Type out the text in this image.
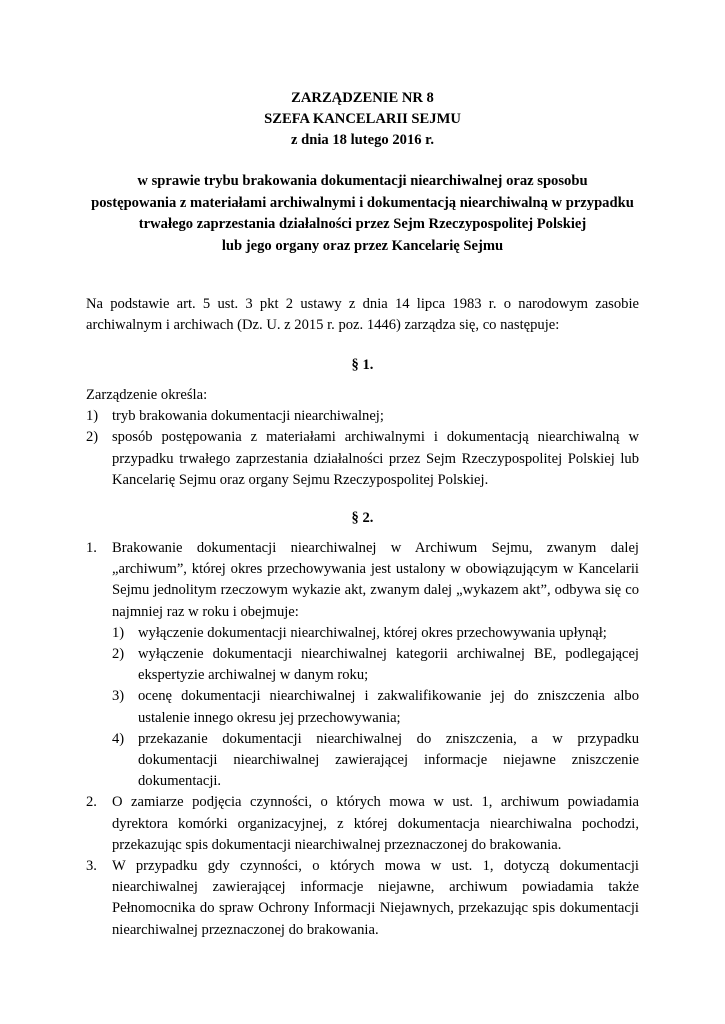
ZARZĄDZENIE NR 8
SZEFA KANCELARII SEJMU
z dnia 18 lutego 2016 r.
w sprawie trybu brakowania dokumentacji niearchiwalnej oraz sposobu
postępowania z materiałami archiwalnymi i dokumentacją niearchiwalną w przypadku
trwałego zaprzestania działalności przez Sejm Rzeczypospolitej Polskiej
lub jego organy oraz przez Kancelarię Sejmu
Na podstawie art. 5 ust. 3 pkt 2 ustawy z dnia 14 lipca 1983 r. o narodowym zasobie
archiwalnym i archiwach (Dz. U. z 2015 r. poz. 1446) zarządza się, co następuje:
§ 1.
Zarządzenie określa:
1) tryb brakowania dokumentacji niearchiwalnej;
2) sposób postępowania z materiałami archiwalnymi i dokumentacją niearchiwalną w
przypadku trwałego zaprzestania działalności przez Sejm Rzeczypospolitej Polskiej lub
Kancelarię Sejmu oraz organy Sejmu Rzeczypospolitej Polskiej.
§ 2.
1. Brakowanie dokumentacji niearchiwalnej w Archiwum Sejmu, zwanym dalej
„archiwum”, której okres przechowywania jest ustalony w obowiązującym w Kancelarii
Sejmu jednolitym rzeczowym wykazie akt, zwanym dalej „wykazem akt”, odbywa się co
najmniej raz w roku i obejmuje:
1) wyłączenie dokumentacji niearchiwalnej, której okres przechowywania upłynął;
2) wyłączenie dokumentacji niearchiwalnej kategorii archiwalnej BE, podlegającej
ekspertyzie archiwalnej w danym roku;
3) ocenę dokumentacji niearchiwalnej i zakwalifikowanie jej do zniszczenia albo
ustalenie innego okresu jej przechowywania;
4) przekazanie dokumentacji niearchiwalnej do zniszczenia, a w przypadku
dokumentacji niearchiwalnej zawierającej informacje niejawne zniszczenie
dokumentacji.
2. O zamiarze podjęcia czynności, o których mowa w ust. 1, archiwum powiadamia
dyrektora komórki organizacyjnej, z której dokumentacja niearchiwalna pochodzi,
przekazując spis dokumentacji niearchiwalnej przeznaczonej do brakowania.
3. W przypadku gdy czynności, o których mowa w ust. 1, dotyczą dokumentacji
niearchiwalnej zawierającej informacje niejawne, archiwum powiadamia także
Pełnomocnika do spraw Ochrony Informacji Niejawnych, przekazując spis dokumentacji
niearchiwalnej przeznaczonej do brakowania.
